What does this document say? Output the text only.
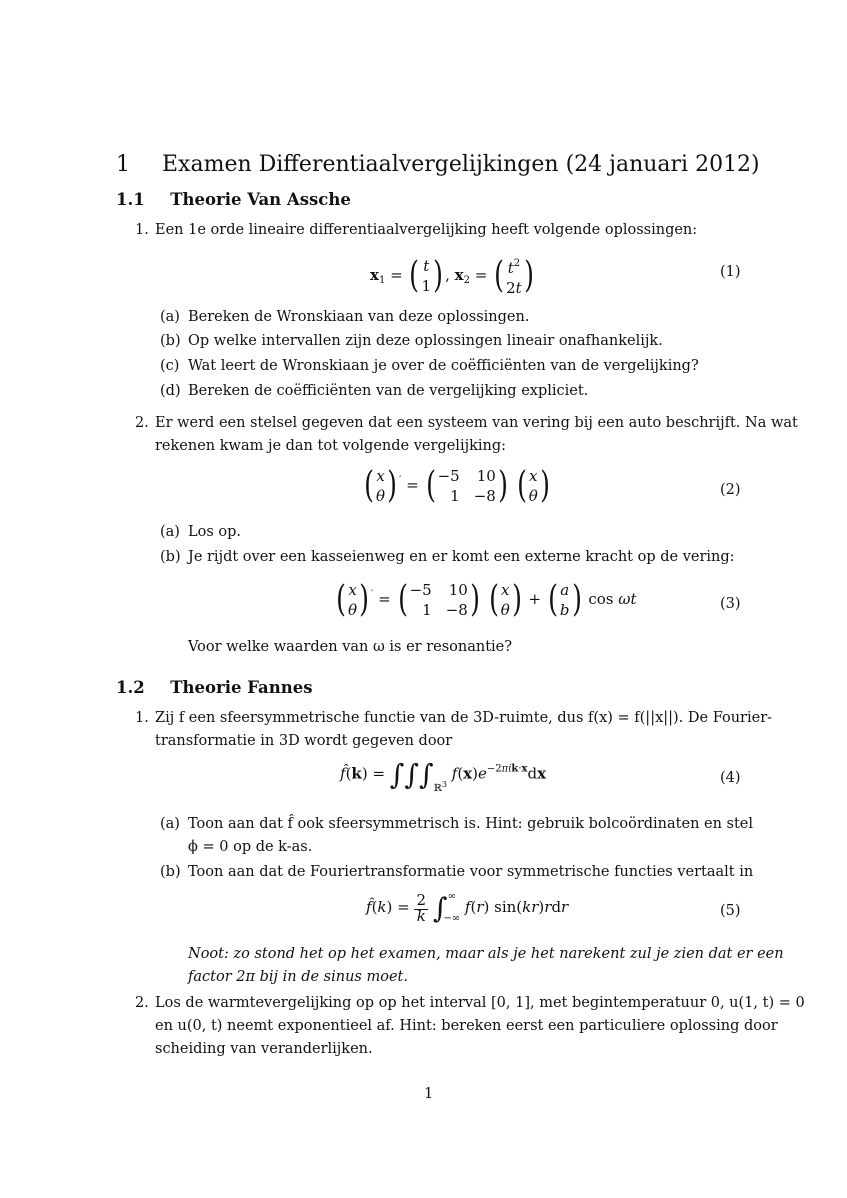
1 Examen Differentiaalvergelijkingen (24 januari 2012)
1.1 Theorie Van Assche
1. Een 1e orde lineaire differentiaalvergelijking heeft volgende oplossingen:
$x_1$ = ( t
1) , $x_2$ = ( $t^2$
2t)	(1)
(a) Bereken de Wronskiaan van deze oplossingen.
(b) Op welke intervallen zijn deze oplossingen lineair onafhankelijk.
(c) Wat leert de Wronskiaan je over de coëfficiënten van de vergelijking?
(d) Bereken de coëfficiënten van de vergelijking expliciet.
2. Er werd een stelsel gegeven dat een systeem van vering bij een auto beschrijft. Na wat
rekenen kwam je dan tot volgende vergelijking:
( x
θ) ′ = ( −5 10
1 −8 ) ( x
θ)	(2)
(a) Los op.
(b) Je rijdt over een kasseienweg en er komt een externe kracht op de vering:
( x
θ) ′ = ( −5 10
1 −8 ) ( x
θ) + ( a
b) cos ωt	(3)
Voor welke waarden van ω is er resonantie?
1.2 Theorie Fannes
1. Zij f een sfeersymmetrische functie van de 3D-ruimte, dus f(x) = f(||x||). De Fourier-
transformatie in 3D wordt gegeven door
f̂(k) = $\int\int\int_{ℝ^3}$ $f(x)e^{-2\pi ik\cdot x}dx$	(4)
(a) Toon aan dat f̂ ook sfeersymmetrisch is. Hint: gebruik bolcoördinaten en stel
ϕ = 0 op de k-as.
(b) Toon aan dat de Fouriertransformatie voor symmetrische functies vertaalt in
f̂(k) = $\frac{2}{k}$ ∫∞
−∞ f(r) sin(kr)rdr	(5)
Noot: zo stond het op het examen, maar als je het narekent zul je zien dat er een
factor 2π bij in de sinus moet.
2. Los de warmtevergelijking op op het interval [0, 1], met begintemperatuur 0, u(1, t) = 0
en u(0, t) neemt exponentieel af. Hint: bereken eerst een particuliere oplossing door
scheiding van veranderlijken.
1
